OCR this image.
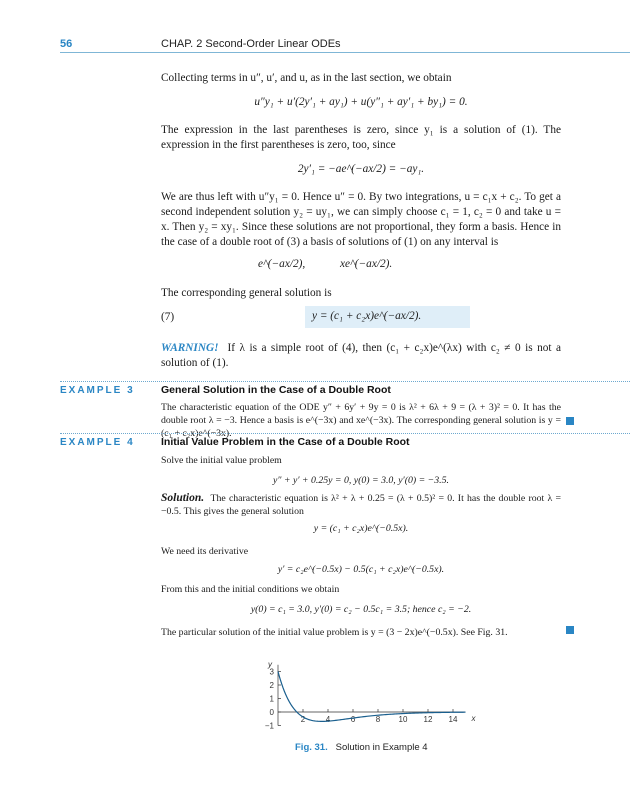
56	CHAP. 2 Second-Order Linear ODEs
Collecting terms in u″, u′, and u, as in the last section, we obtain
u″y₁ + u′(2y′₁ + ay₁) + u(y″₁ + ay′₁ + by₁) = 0.
The expression in the last parentheses is zero, since y₁ is a solution of (1). The expression in the first parentheses is zero, too, since
2y′₁ = −ae^(−ax/2) = −ay₁.
We are thus left with u″y₁ = 0. Hence u″ = 0. By two integrations, u = c₁x + c₂. To get a second independent solution y₂ = uy₁, we can simply choose c₁ = 1, c₂ = 0 and take u = x. Then y₂ = xy₁. Since these solutions are not proportional, they form a basis. Hence in the case of a double root of (3) a basis of solutions of (1) on any interval is
e^(−ax/2),	xe^(−ax/2).
The corresponding general solution is
(7)	y = (c₁ + c₂x)e^(−ax/2).
WARNING! If λ is a simple root of (4), then (c₁ + c₂x)e^(λx) with c₂ ≠ 0 is not a solution of (1).
EXAMPLE 3	General Solution in the Case of a Double Root
The characteristic equation of the ODE y″ + 6y′ + 9y = 0 is λ² + 6λ + 9 = (λ + 3)² = 0. It has the double root λ = −3. Hence a basis is e^(−3x) and xe^(−3x). The corresponding general solution is y = (c₁ + c₂x)e^(−3x).
EXAMPLE 4	Initial Value Problem in the Case of a Double Root
Solve the initial value problem
y″ + y′ + 0.25y = 0, y(0) = 3.0, y′(0) = −3.5.
Solution. The characteristic equation is λ² + λ + 0.25 = (λ + 0.5)² = 0. It has the double root λ = −0.5. This gives the general solution
y = (c₁ + c₂x)e^(−0.5x).
We need its derivative
y′ = c₂e^(−0.5x) − 0.5(c₁ + c₂x)e^(−0.5x).
From this and the initial conditions we obtain
y(0) = c₁ = 3.0, y′(0) = c₂ − 0.5c₁ = 3.5; hence c₂ = −2.
The particular solution of the initial value problem is y = (3 − 2x)e^(−0.5x). See Fig. 31.
2	4	6	8 10 12 14
−1
0
1
2
3
x
y
Fig. 31. Solution in Example 4
